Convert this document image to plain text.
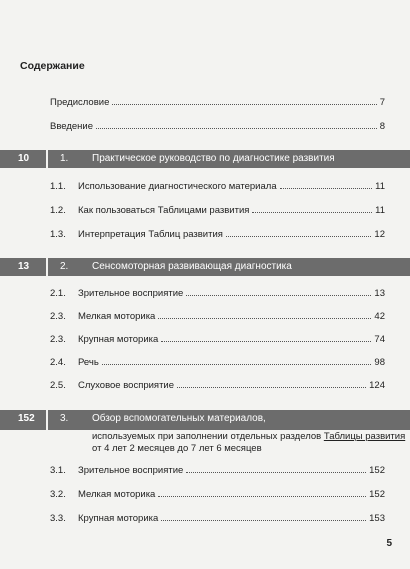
Содержание
Предисловие	7
Введение	8
10	1. Практическое руководство по диагностике развития
1.1. Использование диагностического материала	11
1.2. Как пользоваться Таблицами развития	11
1.3. Интерпретация Таблиц развития	12
13	2. Сенсомоторная развивающая диагностика
2.1. Зрительное восприятие	13
2.3. Мелкая моторика	42
2.3. Крупная моторика	74
2.4. Речь	98
2.5. Слуховое восприятие	124
152	3. Обзор вспомогательных материалов,
используемых при заполнении отдельных разделов Таблицы развития
от 4 лет 2 месяцев до 7 лет 6 месяцев
3.1. Зрительное восприятие	152
3.2. Мелкая моторика	152
3.3. Крупная моторика	153
5
